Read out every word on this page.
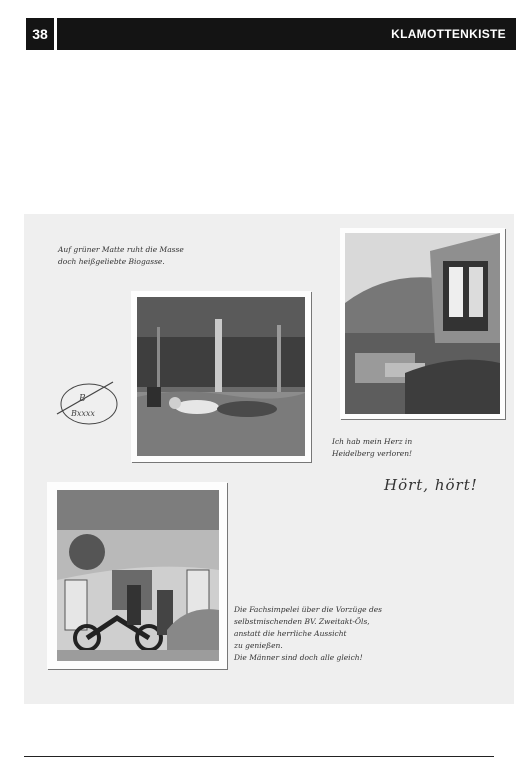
38	KLAMOTTENKISTE
Auf grüner Matte ruht die Masse
doch heißgeliebte Biogasse.
Ich hab mein Herz in
Heidelberg verloren!
Hört, hört!
B
Bxxxx
Die Fachsimpelei über die Vorzüge des
selbstmischenden BV. Zweitakt-Öls,
anstatt die herrliche Aussicht
zu genießen.
Die Männer sind doch alle gleich!
